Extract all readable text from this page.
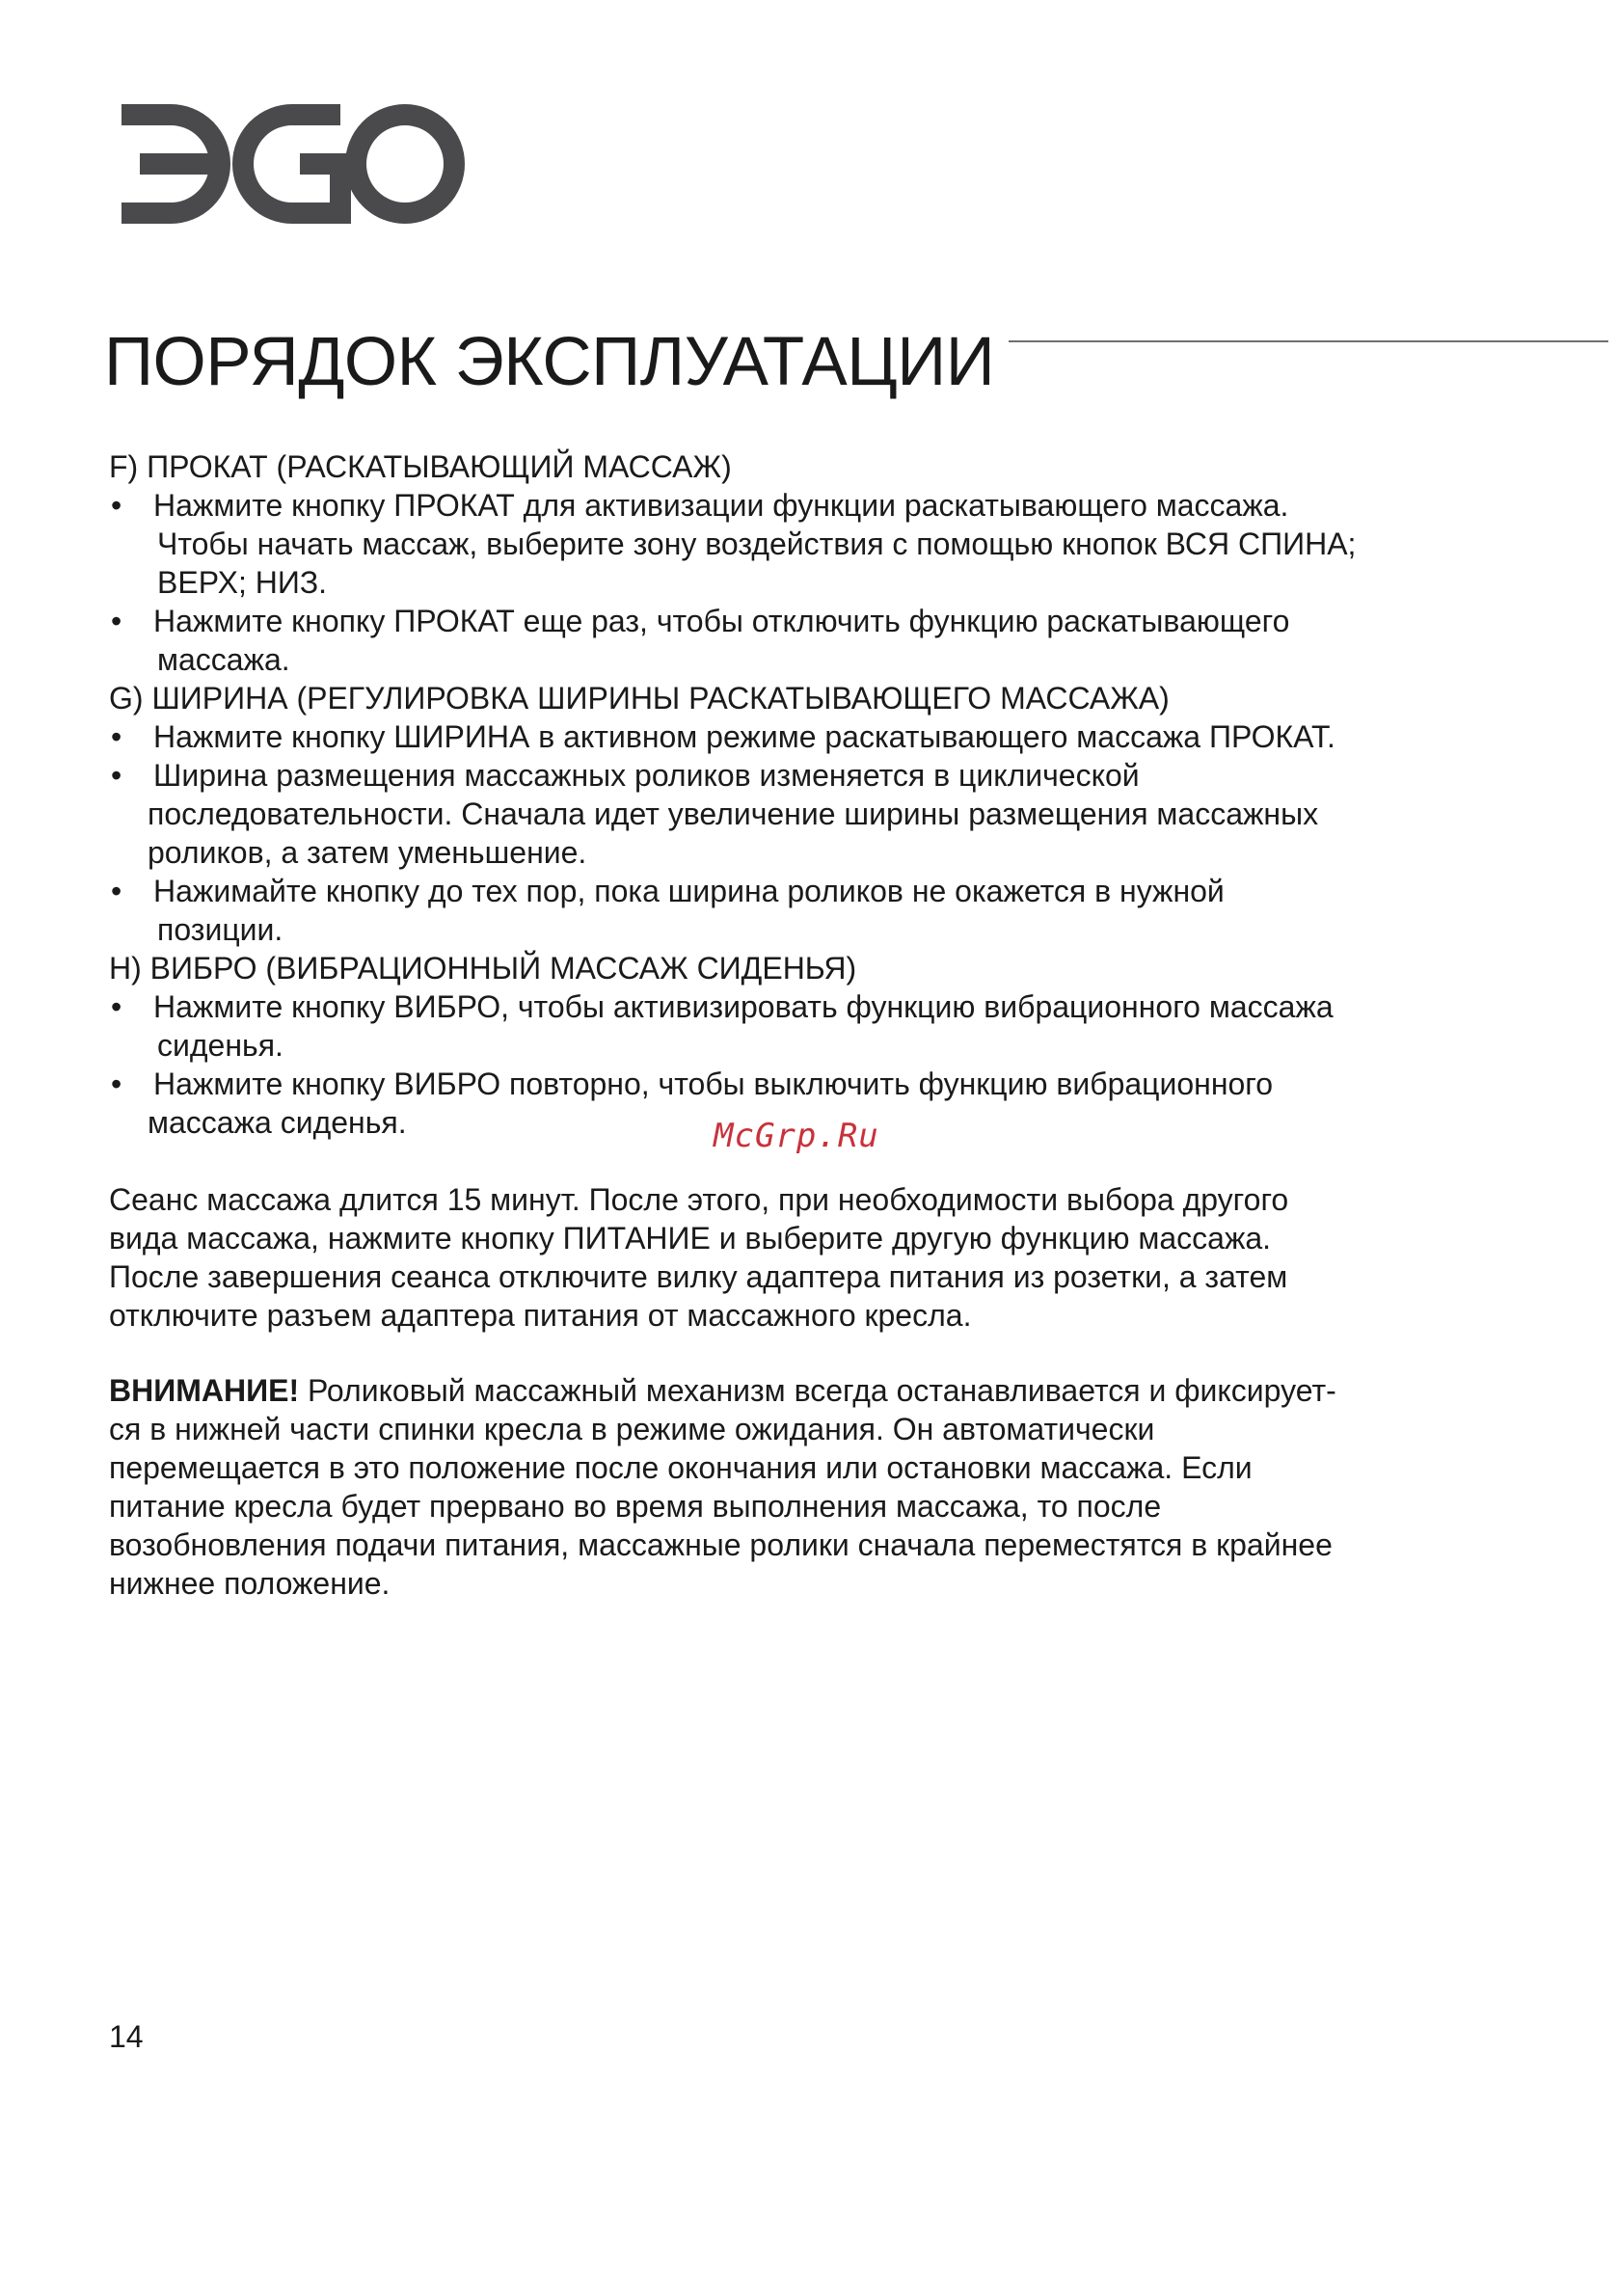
ПОРЯДОК ЭКСПЛУАТАЦИИ
F) ПРОКАТ (РАСКАТЫВАЮЩИЙ МАССАЖ)
• Нажмите кнопку ПРОКАТ для активизации функции раскатывающего массажа.
Чтобы начать массаж, выберите зону воздействия с помощью кнопок ВСЯ СПИНА;
ВЕРХ; НИЗ.
• Нажмите кнопку ПРОКАТ еще раз, чтобы отключить функцию раскатывающего
массажа.
G) ШИРИНА (РЕГУЛИРОВКА ШИРИНЫ РАСКАТЫВАЮЩЕГО МАССАЖА)
• Нажмите кнопку ШИРИНА в активном режиме раскатывающего массажа ПРОКАТ.
• Ширина размещения массажных роликов изменяется в циклической
последовательности. Сначала идет увеличение ширины размещения массажных
роликов, а затем уменьшение.
• Нажимайте кнопку до тех пор, пока ширина роликов не окажется в нужной
позиции.
H) ВИБРО (ВИБРАЦИОННЫЙ МАССАЖ СИДЕНЬЯ)
• Нажмите кнопку ВИБРО, чтобы активизировать функцию вибрационного массажа
сиденья.
• Нажмите кнопку ВИБРО повторно, чтобы выключить функцию вибрационного
массажа сиденья.	McGrp.Ru
Сеанс массажа длится 15 минут. После этого, при необходимости выбора другого
вида массажа, нажмите кнопку ПИТАНИЕ и выберите другую функцию массажа.
После завершения сеанса отключите вилку адаптера питания из розетки, а затем
отключите разъем адаптера питания от массажного кресла.
ВНИМАНИЕ! Роликовый массажный механизм всегда останавливается и фиксирует-
ся в нижней части спинки кресла в режиме ожидания. Он автоматически
перемещается в это положение после окончания или остановки массажа. Если
питание кресла будет прервано во время выполнения массажа, то после
возобновления подачи питания, массажные ролики сначала переместятся в крайнее
нижнее положение.
14
